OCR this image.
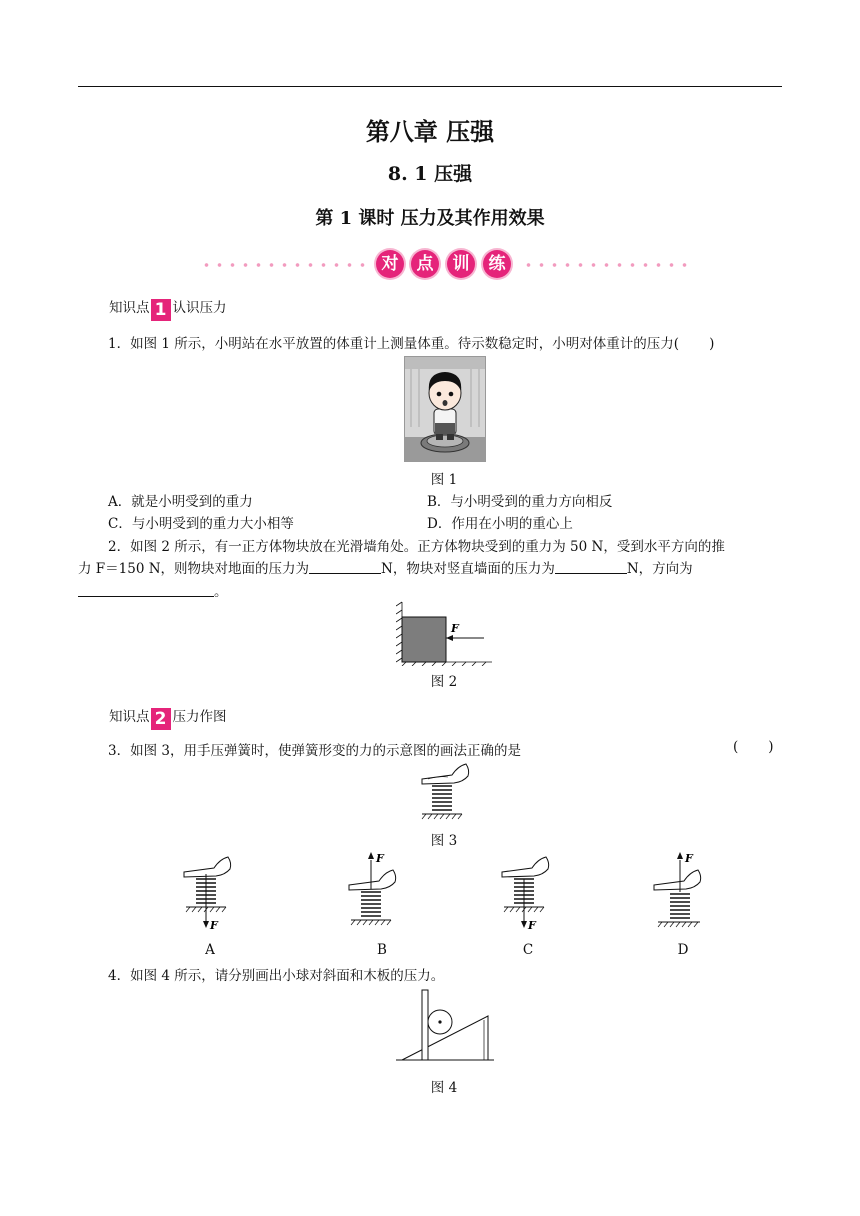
第八章 压强
8. 1 压强
第 1 课时 压力及其作用效果
对	点	训	练
知识点 1 认识压力
1．如图 1 所示，小明站在水平放置的体重计上测量体重。待示数稳定时，小明对体重计的压力(       )
图 1
A．就是小明受到的重力	B．与小明受到的重力方向相反
C．与小明受到的重力大小相等	D．作用在小明的重心上
2．如图 2 所示，有一正方体物块放在光滑墙角处。正方体物块受到的重力为 50 N，受到水平方向的推
力 F＝150 N，则物块对地面的压力为	N，物块对竖直墙面的压力为	N，方向为
。
F
图 2
知识点 2 压力作图
3．如图 3，用手压弹簧时，使弹簧形变的力的示意图的画法正确的是	(       )
图 3
F
A
F
B
F
C
F
D
4．如图 4 所示，请分别画出小球对斜面和木板的压力。
图 4
